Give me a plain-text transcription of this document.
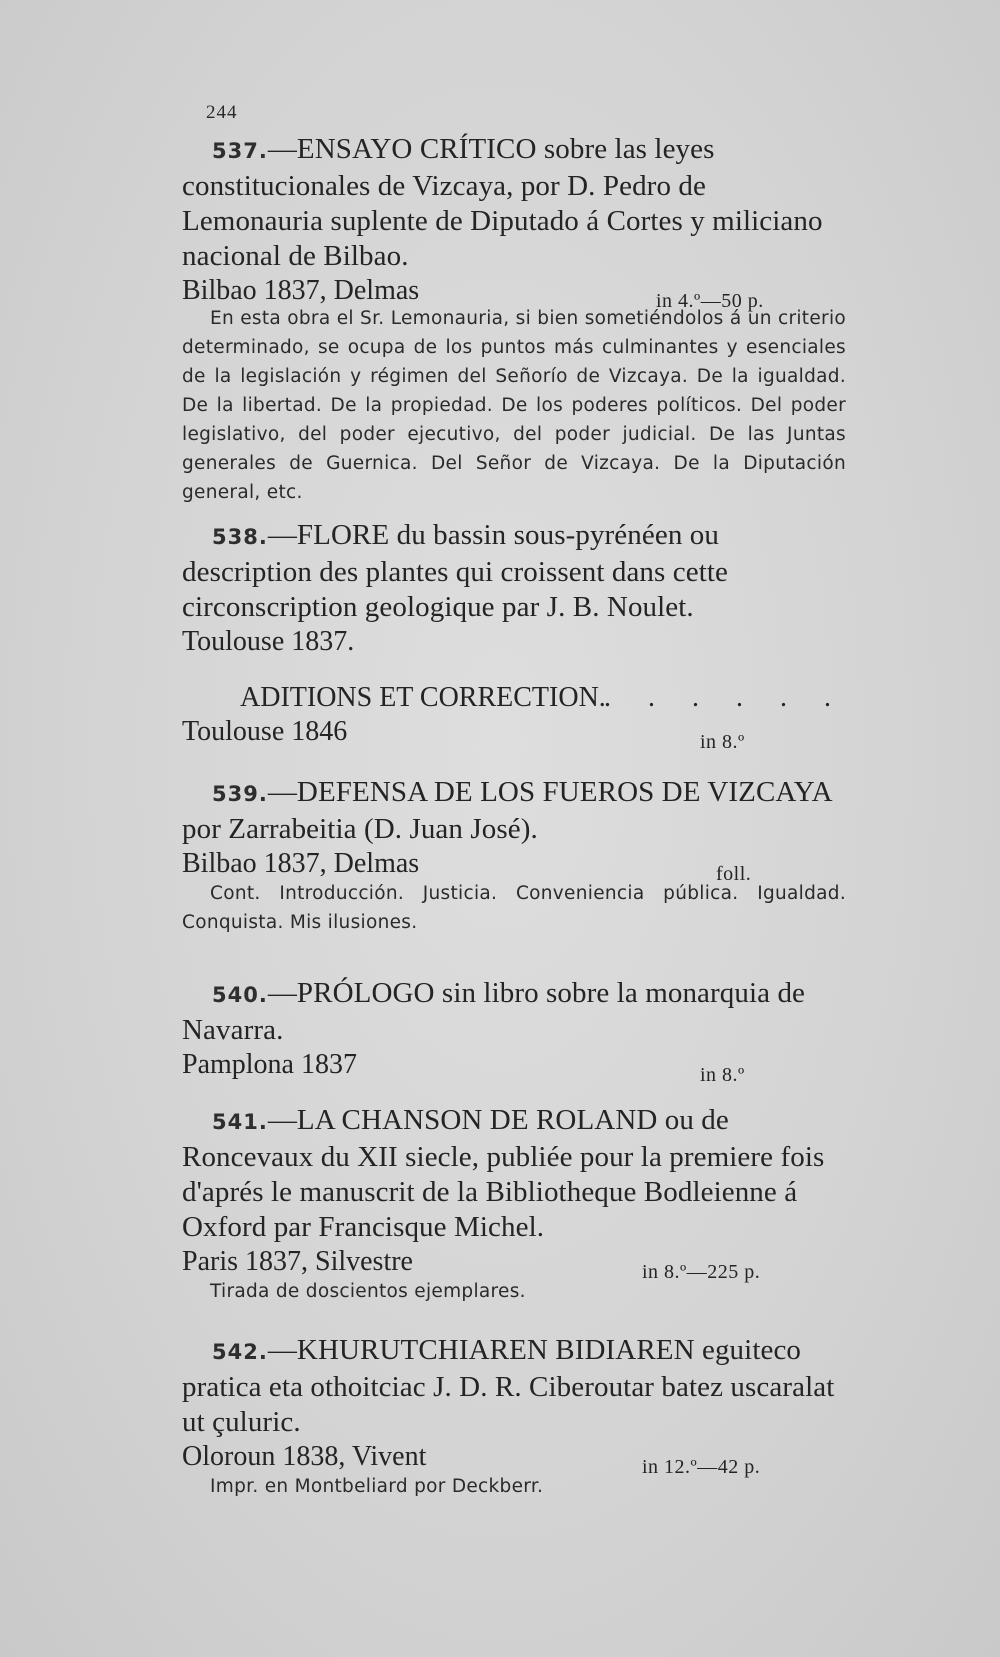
244
537.—ENSAYO CRÍTICO sobre las leyes constitucionales de Vizcaya, por D. Pedro de Lemonauria suplente de Diputado á Cortes y miliciano nacional de Bilbao.
Bilbao 1837, Delmas	in 4.º—50 p.
En esta obra el Sr. Lemonauria, si bien sometiéndolos á un criterio determinado, se ocupa de los puntos más culminantes y esenciales de la legislación y régimen del Señorío de Vizcaya. De la igualdad. De la libertad. De la propiedad. De los poderes políticos. Del poder legislativo, del poder ejecutivo, del poder judicial. De las Juntas generales de Guernica. Del Señor de Vizcaya. De la Diputación general, etc.
538.—FLORE du bassin sous-pyrénéen ou description des plantes qui croissent dans cette circonscription geologique par J. B. Noulet.
Toulouse 1837.
ADITIONS ET CORRECTION.
. . . . . .
Toulouse 1846	in 8.º
539.—DEFENSA DE LOS FUEROS DE VIZCAYA por Zarrabeitia (D. Juan José).
Bilbao 1837, Delmas	foll.
Cont. Introducción. Justicia. Conveniencia pública. Igualdad. Conquista. Mis ilusiones.
540.—PRÓLOGO sin libro sobre la monarquia de Navarra.
Pamplona 1837	in 8.º
541.—LA CHANSON DE ROLAND ou de Roncevaux du XII siecle, publiée pour la premiere fois d'aprés le manuscrit de la Bibliotheque Bodleienne á Oxford par Francisque Michel.
Paris 1837, Silvestre	in 8.º—225 p.
Tirada de doscientos ejemplares.
542.—KHURUTCHIAREN BIDIAREN eguiteco pratica eta othoitciac J. D. R. Ciberoutar batez uscaralat ut çuluric.
Oloroun 1838, Vivent	in 12.º—42 p.
Impr. en Montbeliard por Deckberr.
